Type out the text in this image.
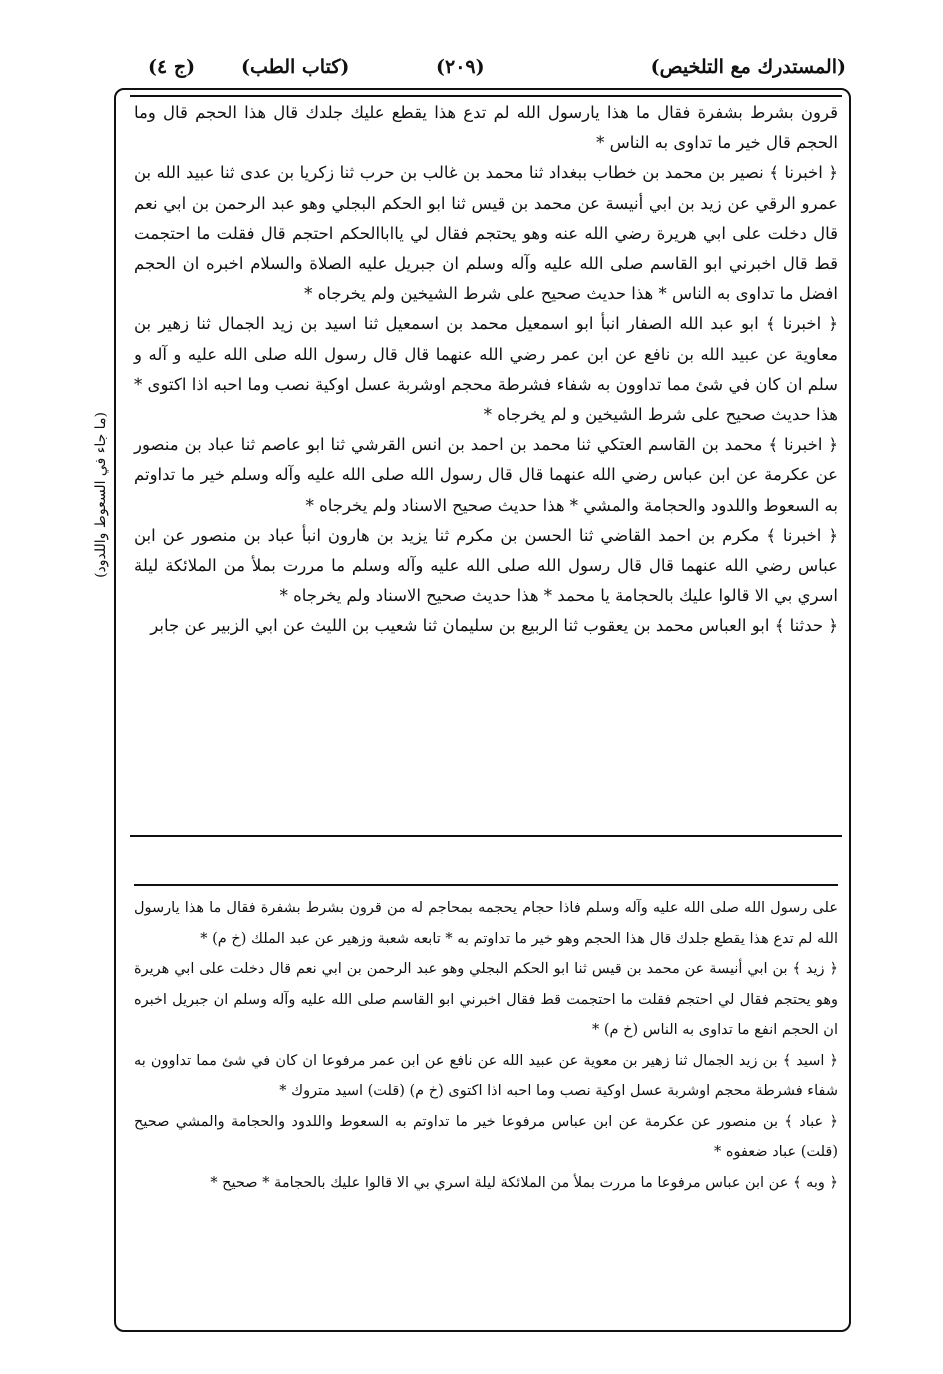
(المستدرك مع التلخيص)
(٢٠٩)
(كتاب الطب)
(ج ٤)
(ما جاء في السعوط واللدود)

قرون بشرط بشفرة فقال ما هذا يارسول الله لم تدع هذا يقطع عليك جلدك قال هذا الحجم قال وما الحجم قال خير ما تداوى به الناس *

﴿ اخبرنا ﴾ نصير بن محمد بن خطاب ببغداد ثنا محمد بن غالب بن حرب ثنا زكريا بن عدى ثنا عبيد الله بن عمرو الرقي عن زيد بن ابي أنيسة عن محمد بن قيس ثنا ابو الحكم البجلي وهو عبد الرحمن بن ابي نعم قال دخلت على ابي هريرة رضي الله عنه وهو يحتجم فقال لي يااباالحكم احتجم قال فقلت ما احتجمت قط قال اخبرني ابو القاسم صلى الله عليه وآله وسلم ان جبريل عليه الصلاة والسلام اخبره ان الحجم افضل ما تداوى به الناس * هذا حديث صحيح على شرط الشيخين ولم يخرجاه *

﴿ اخبرنا ﴾ ابو عبد الله الصفار انبأ ابو اسمعيل محمد بن اسمعيل ثنا اسيد بن زيد الجمال ثنا زهير بن معاوية عن عبيد الله بن نافع عن ابن عمر رضي الله عنهما قال قال رسول الله صلى الله عليه و آله و سلم ان كان في شئ مما تداوون به شفاء فشرطة محجم اوشربة عسل اوكية نصب وما احبه اذا اكتوى * هذا حديث صحيح على شرط الشيخين و لم يخرجاه *

﴿ اخبرنا ﴾ محمد بن القاسم العتكي ثنا محمد بن احمد بن انس القرشي ثنا ابو عاصم ثنا عباد بن منصور عن عكرمة عن ابن عباس رضي الله عنهما قال قال رسول الله صلى الله عليه وآله وسلم خير ما تداوتم به السعوط واللدود والحجامة والمشي * هذا حديث صحيح الاسناد ولم يخرجاه *

﴿ اخبرنا ﴾ مكرم بن احمد القاضي ثنا الحسن بن مكرم ثنا يزيد بن هارون انبأ عباد بن منصور عن ابن عباس رضي الله عنهما قال قال رسول الله صلى الله عليه وآله وسلم ما مررت بملأ من الملائكة ليلة اسري بي الا قالوا عليك بالحجامة يا محمد * هذا حديث صحيح الاسناد ولم يخرجاه *

﴿ حدثنا ﴾ ابو العباس محمد بن يعقوب ثنا الربيع بن سليمان ثنا شعيب بن الليث عن ابي الزبير عن جابر

على رسول الله صلى الله عليه وآله وسلم فاذا حجام يحجمه بمحاجم له من قرون بشرط بشفرة فقال ما هذا يارسول الله لم تدع هذا يقطع جلدك قال هذا الحجم وهو خير ما تداوتم به * تابعه شعبة وزهير عن عبد الملك (خ م) *

﴿ زيد ﴾ بن ابي أنيسة عن محمد بن قيس ثنا ابو الحكم البجلي وهو عبد الرحمن بن ابي نعم قال دخلت على ابي هريرة وهو يحتجم فقال لي احتجم فقلت ما احتجمت قط فقال اخبرني ابو القاسم صلى الله عليه وآله وسلم ان جبريل اخبره ان الحجم انفع ما تداوى به الناس (خ م) *

﴿ اسيد ﴾ بن زيد الجمال ثنا زهير بن معوية عن عبيد الله عن نافع عن ابن عمر مرفوعا ان كان في شئ مما تداوون به شفاء فشرطة محجم اوشربة عسل اوكية نصب وما احبه اذا اكتوى (خ م) (قلت) اسيد متروك *

﴿ عباد ﴾ بن منصور عن عكرمة عن ابن عباس مرفوعا خير ما تداوتم به السعوط واللدود والحجامة والمشي صحيح (قلت) عباد ضعفوه *

﴿ وبه ﴾ عن ابن عباس مرفوعا ما مررت بملأ من الملائكة ليلة اسري بي الا قالوا عليك بالحجامة * صحيح *
